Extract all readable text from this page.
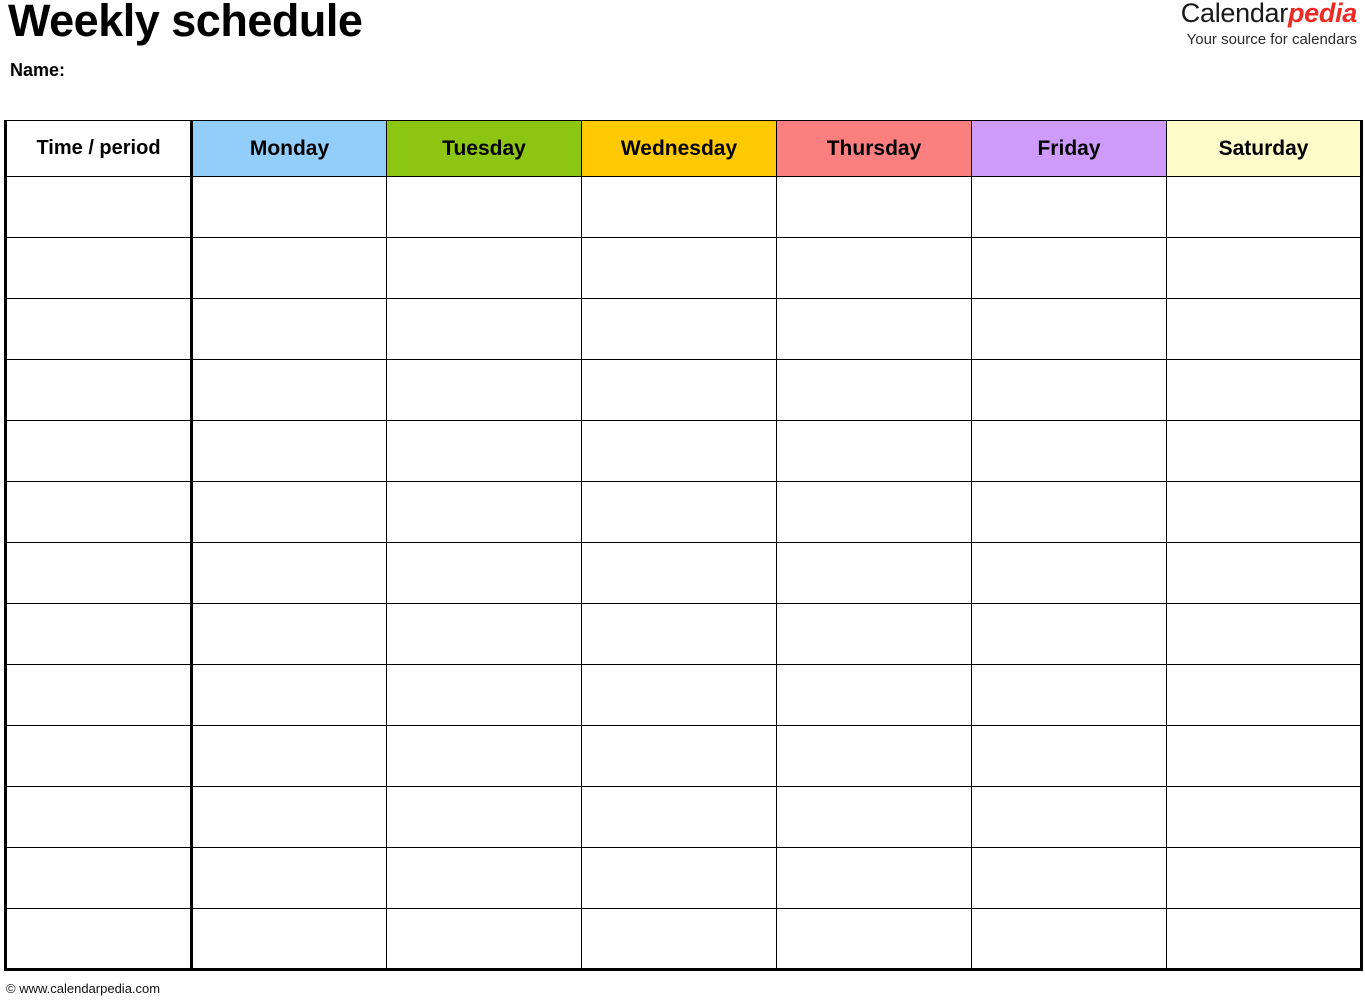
Weekly schedule
Name:
Calendarpedia
Your source for calendars
Time / period	Monday	Tuesday	Wednesday	Thursday	Friday	Saturday

© www.calendarpedia.com
